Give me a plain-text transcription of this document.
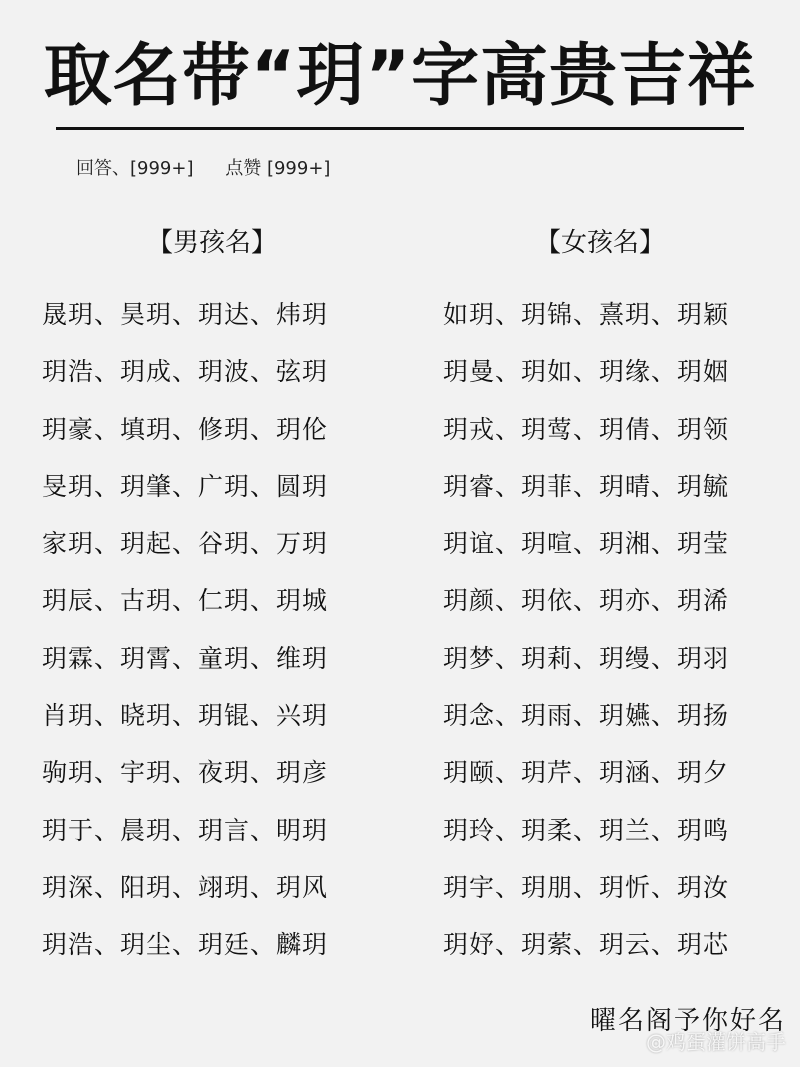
取名带“玥”字高贵吉祥
回答、[999+] 点赞 [999+]
【男孩名】	【女孩名】
晟玥、昊玥、玥达、炜玥
玥浩、玥成、玥波、弦玥
玥豪、填玥、修玥、玥伦
旻玥、玥肇、广玥、圆玥
家玥、玥起、谷玥、万玥
玥辰、古玥、仁玥、玥城
玥霖、玥霄、童玥、维玥
肖玥、晓玥、玥锟、兴玥
驹玥、宇玥、夜玥、玥彦
玥于、晨玥、玥言、明玥
玥深、阳玥、翊玥、玥风
玥浩、玥尘、玥廷、麟玥
如玥、玥锦、熹玥、玥颖
玥曼、玥如、玥缘、玥姻
玥戎、玥莺、玥倩、玥领
玥睿、玥菲、玥晴、玥毓
玥谊、玥喧、玥湘、玥莹
玥颜、玥依、玥亦、玥浠
玥梦、玥莉、玥缦、玥羽
玥念、玥雨、玥嬿、玥扬
玥颐、玥芹、玥涵、玥夕
玥玲、玥柔、玥兰、玥鸣
玥宇、玥朋、玥忻、玥汝
玥妤、玥萦、玥云、玥芯
曜名阁予你好名
@鸡蛋灌饼高手
